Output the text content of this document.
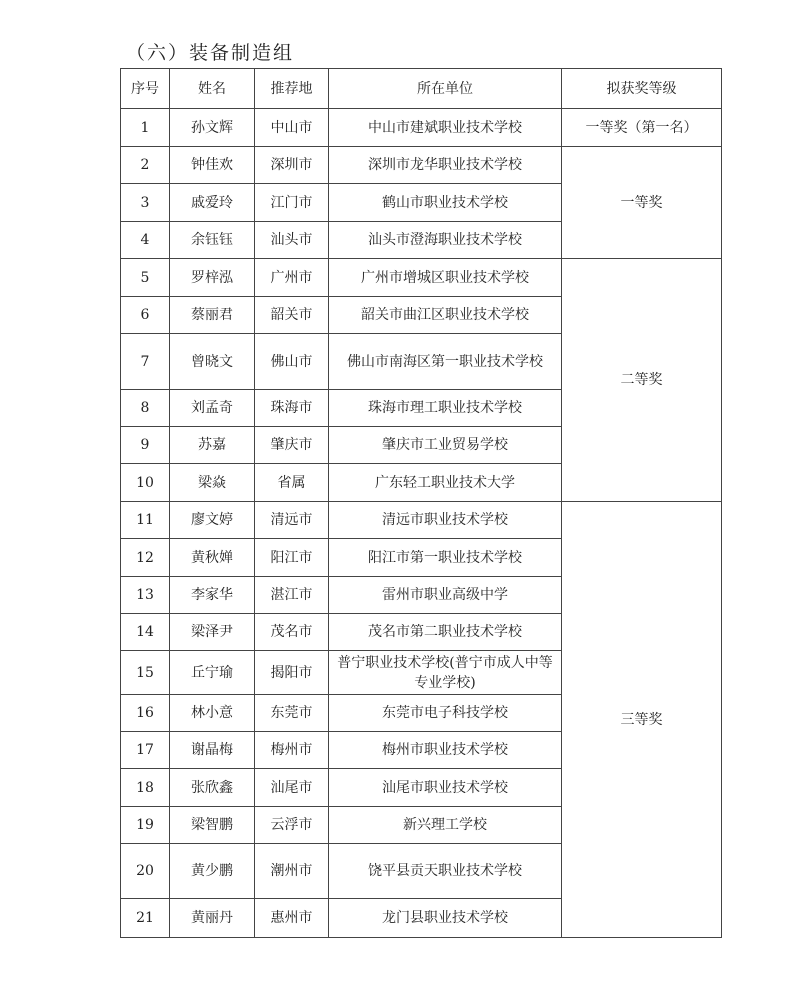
（六）装备制造组
序号	姓名	推荐地	所在单位	拟获奖等级
1	孙文辉	中山市	中山市建斌职业技术学校	一等奖（第一名）
2	钟佳欢	深圳市	深圳市龙华职业技术学校	一等奖
3	戚爱玲	江门市	鹤山市职业技术学校	
4	余钰钰	汕头市	汕头市澄海职业技术学校	
5	罗梓泓	广州市	广州市增城区职业技术学校	二等奖
6	蔡丽君	韶关市	韶关市曲江区职业技术学校	
7	曾晓文	佛山市	佛山市南海区第一职业技术学校	
8	刘孟奇	珠海市	珠海市理工职业技术学校	
9	苏嘉	肇庆市	肇庆市工业贸易学校	
10	梁焱	省属	广东轻工职业技术大学	
11	廖文婷	清远市	清远市职业技术学校	三等奖
12	黄秋婵	阳江市	阳江市第一职业技术学校	
13	李家华	湛江市	雷州市职业高级中学	
14	梁泽尹	茂名市	茂名市第二职业技术学校	
15	丘宁瑜	揭阳市	普宁职业技术学校(普宁市成人中等专业学校)	
16	林小意	东莞市	东莞市电子科技学校	
17	谢晶梅	梅州市	梅州市职业技术学校	
18	张欣鑫	汕尾市	汕尾市职业技术学校	
19	梁智鹏	云浮市	新兴理工学校	
20	黄少鹏	潮州市	饶平县贡天职业技术学校	
21	黄丽丹	惠州市	龙门县职业技术学校	
